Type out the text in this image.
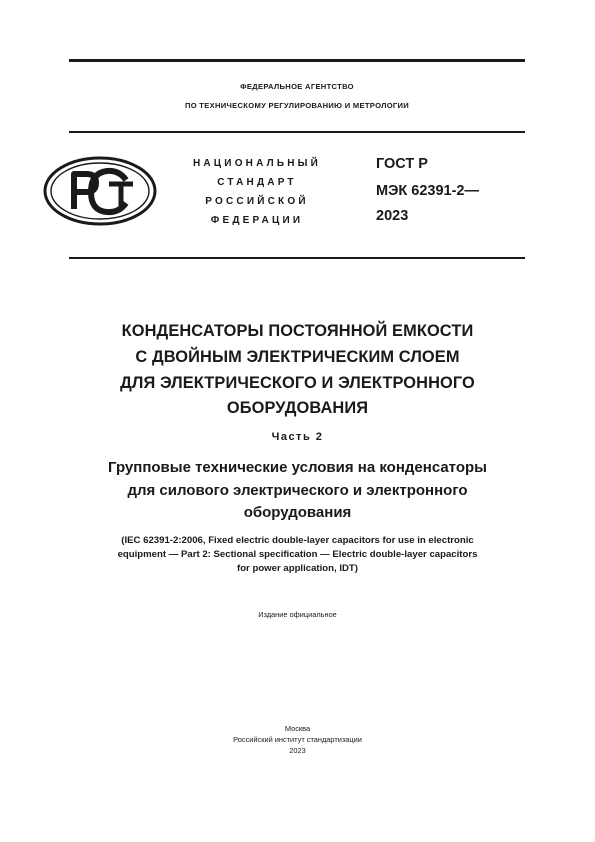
ФЕДЕРАЛЬНОЕ АГЕНТСТВО
ПО ТЕХНИЧЕСКОМУ РЕГУЛИРОВАНИЮ И МЕТРОЛОГИИ
НАЦИОНАЛЬНЫЙ
СТАНДАРТ
РОССИЙСКОЙ
ФЕДЕРАЦИИ
ГОСТ Р
МЭК 62391-2—
2023
КОНДЕНСАТОРЫ ПОСТОЯННОЙ ЕМКОСТИ
С ДВОЙНЫМ ЭЛЕКТРИЧЕСКИМ СЛОЕМ
ДЛЯ ЭЛЕКТРИЧЕСКОГО И ЭЛЕКТРОННОГО
ОБОРУДОВАНИЯ
Часть 2
Групповые технические условия на конденсаторы
для силового электрического и электронного
оборудования
(IEC 62391-2:2006, Fixed electric double-layer capacitors for use in electronic
equipment — Part 2: Sectional specification — Electric double-layer capacitors
for power application, IDT)
Издание официальное
Москва
Российский институт стандартизации
2023
